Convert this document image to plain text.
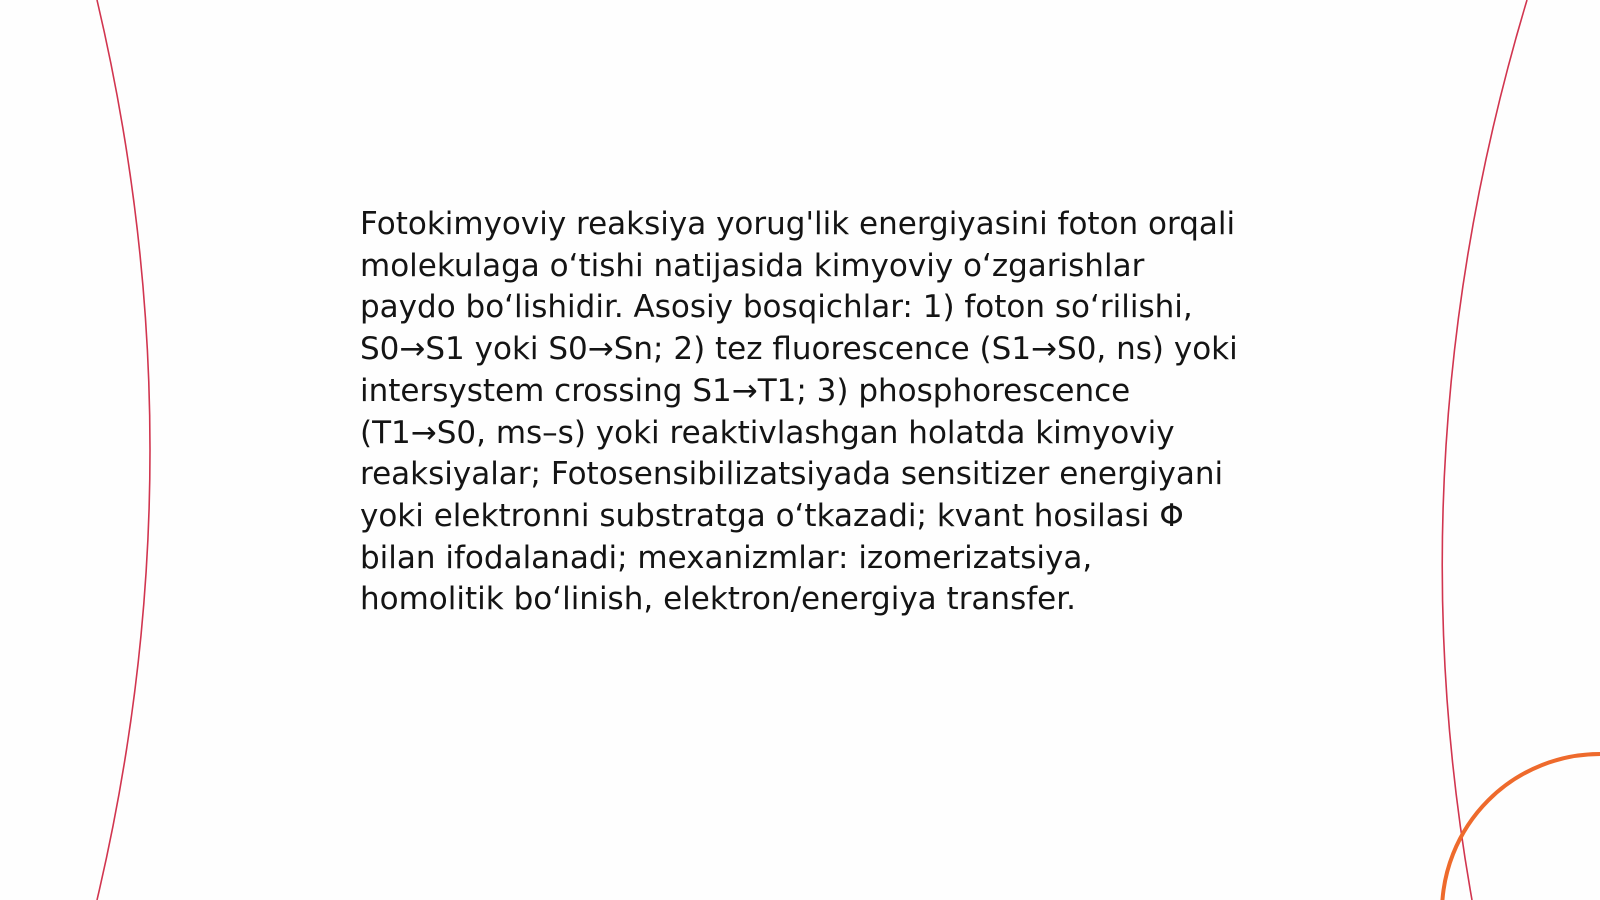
Fotokimyoviy reaksiya yorug'lik energiyasini foton orqali molekulaga o‘tishi natijasida kimyoviy o‘zgarishlar paydo bo‘lishidir. Asosiy bosqichlar: 1) foton so‘rilishi, S0→S1 yoki S0→Sn; 2) tez fluorescence (S1→S0, ns) yoki intersystem crossing S1→T1; 3) phosphorescence (T1→S0, ms–s) yoki reaktivlashgan holatda kimyoviy reaksiyalar; Fotosensibilizatsiyada sensitizer energiyani yoki elektronni substratga o‘tkazadi; kvant hosilasi Φ bilan ifodalanadi; mexanizmlar: izomerizatsiya, homolitik bo‘linish, elektron/energiya transfer.
